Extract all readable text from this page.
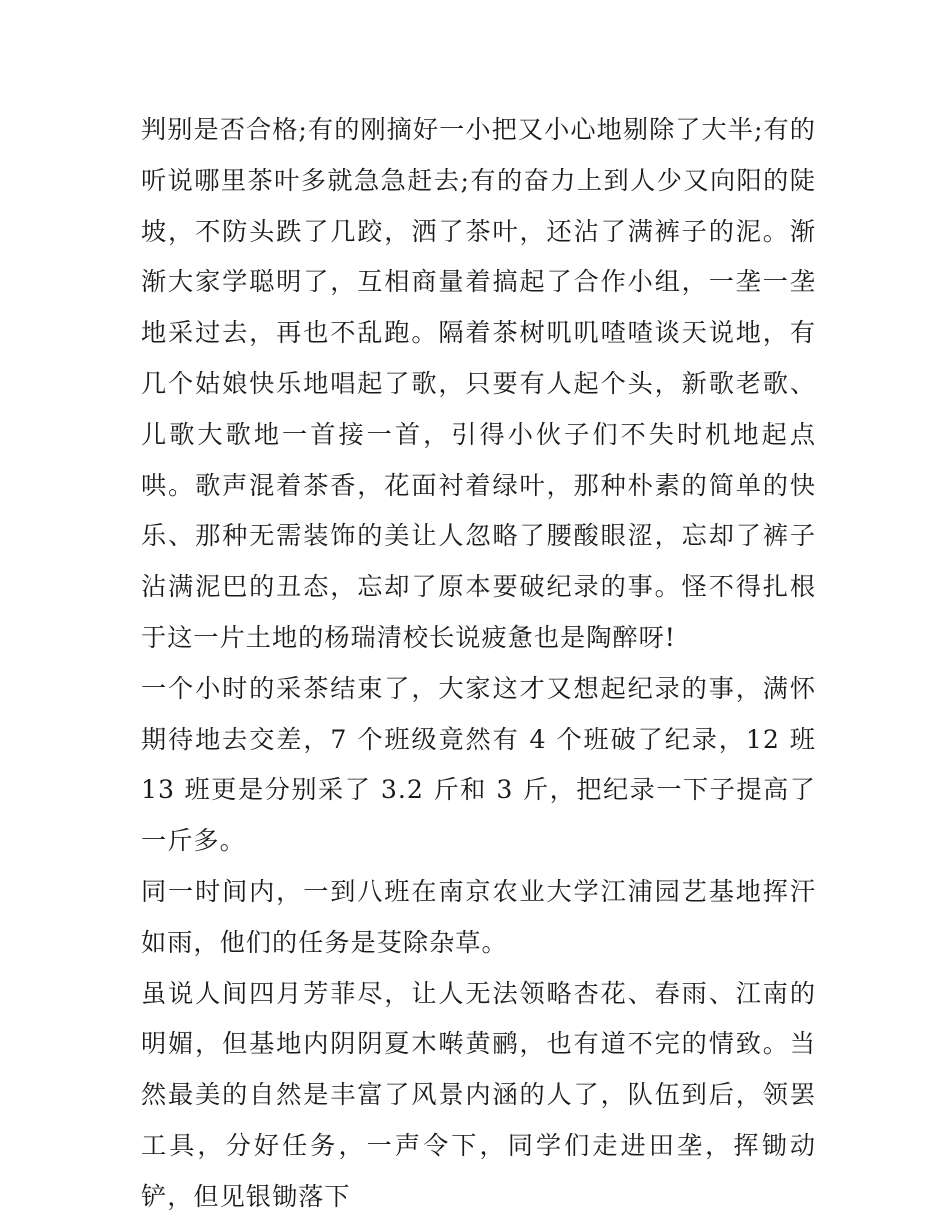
判别是否合格;有的刚摘好一小把又小心地剔除了大半;有的听说哪里茶叶多就急急赶去;有的奋力上到人少又向阳的陡坡，不防头跌了几跤，洒了茶叶，还沾了满裤子的泥。渐渐大家学聪明了，互相商量着搞起了合作小组，一垄一垄地采过去，再也不乱跑。隔着茶树叽叽喳喳谈天说地，有几个姑娘快乐地唱起了歌，只要有人起个头，新歌老歌、儿歌大歌地一首接一首，引得小伙子们不失时机地起点哄。歌声混着茶香，花面衬着绿叶，那种朴素的简单的快乐、那种无需装饰的美让人忽略了腰酸眼涩，忘却了裤子沾满泥巴的丑态，忘却了原本要破纪录的事。怪不得扎根于这一片土地的杨瑞清校长说疲惫也是陶醉呀!

一个小时的采茶结束了，大家这才又想起纪录的事，满怀期待地去交差，7 个班级竟然有 4 个班破了纪录，12 班 13 班更是分别采了 3.2 斤和 3 斤，把纪录一下子提高了一斤多。

同一时间内，一到八班在南京农业大学江浦园艺基地挥汗如雨，他们的任务是芟除杂草。

虽说人间四月芳菲尽，让人无法领略杏花、春雨、江南的明媚，但基地内阴阴夏木啭黄鹂，也有道不完的情致。当然最美的自然是丰富了风景内涵的人了，队伍到后，领罢工具，分好任务，一声令下，同学们走进田垄，挥锄动铲，但见银锄落下
